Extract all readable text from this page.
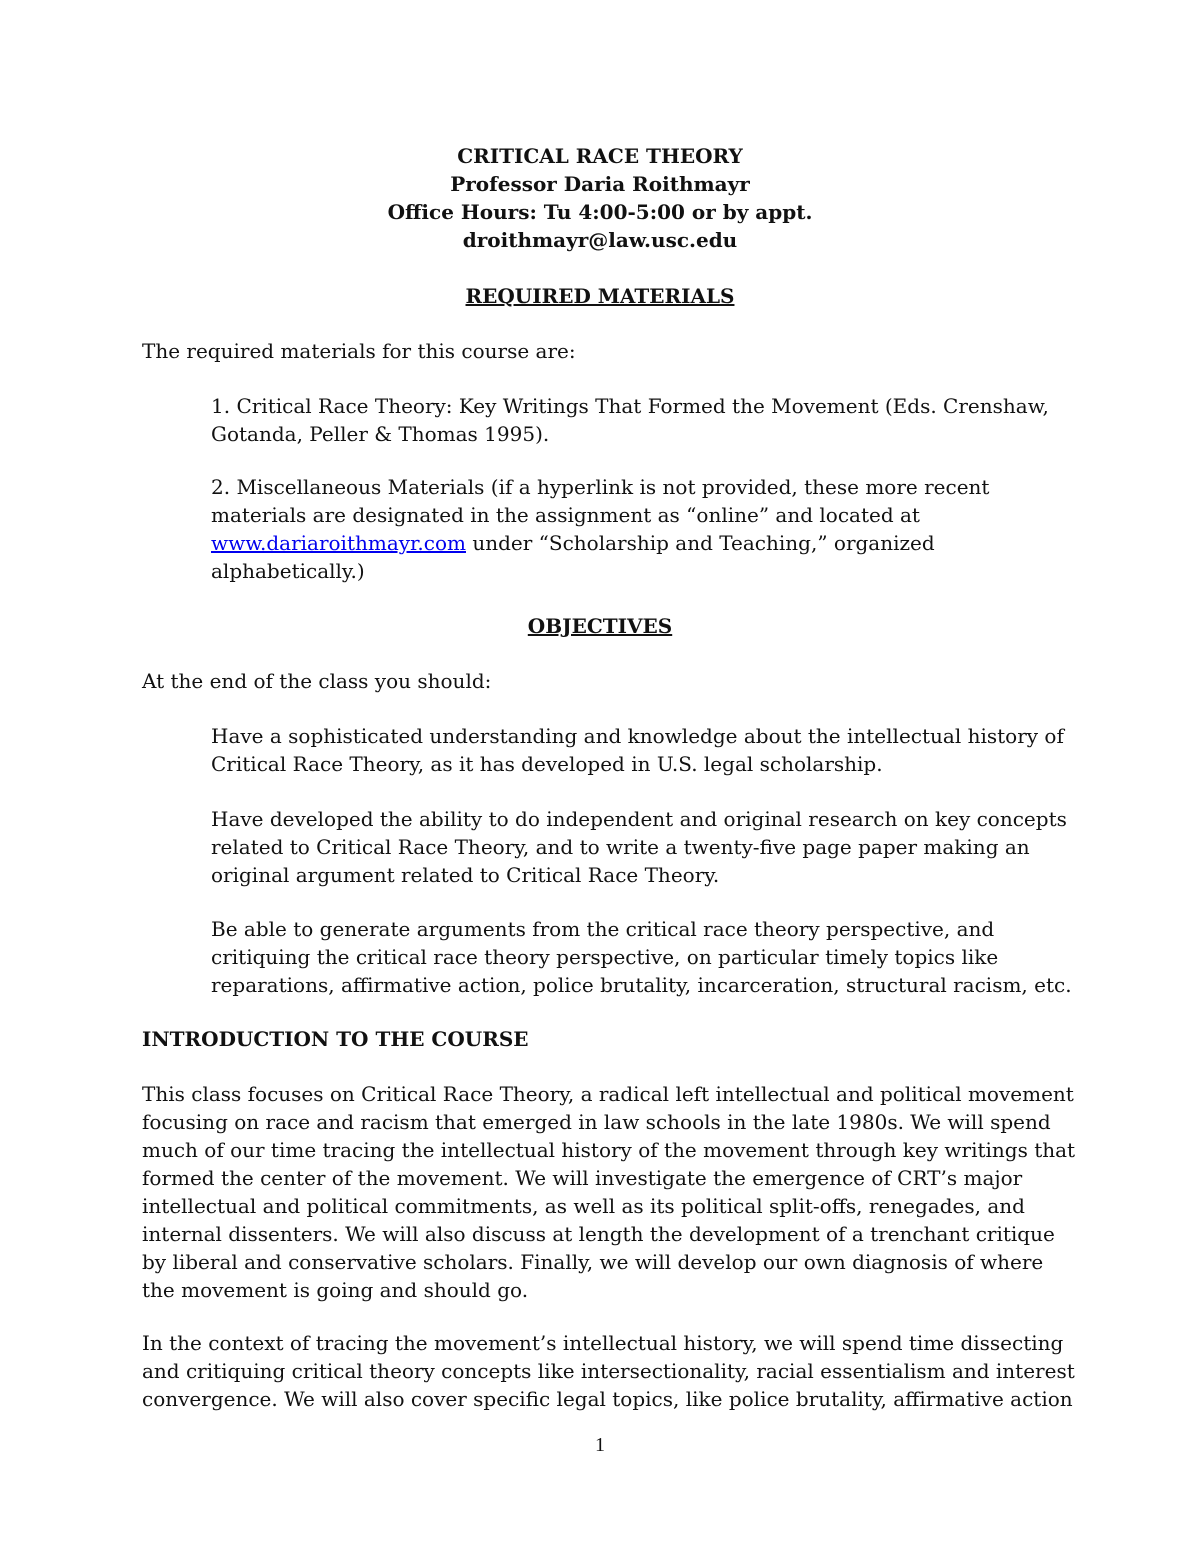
CRITICAL RACE THEORY
Professor Daria Roithmayr
Office Hours: Tu 4:00-5:00 or by appt.
droithmayr@law.usc.edu
REQUIRED MATERIALS

The required materials for this course are:

1. Critical Race Theory: Key Writings That Formed the Movement (Eds. Crenshaw, Gotanda, Peller & Thomas 1995).

2. Miscellaneous Materials (if a hyperlink is not provided, these more recent materials are designated in the assignment as “online” and located at www.dariaroithmayr.com under “Scholarship and Teaching,” organized alphabetically.)

OBJECTIVES

At the end of the class you should:

Have a sophisticated understanding and knowledge about the intellectual history of Critical Race Theory, as it has developed in U.S. legal scholarship.

Have developed the ability to do independent and original research on key concepts related to Critical Race Theory, and to write a twenty-five page paper making an original argument related to Critical Race Theory.

Be able to generate arguments from the critical race theory perspective, and critiquing the critical race theory perspective, on particular timely topics like reparations, affirmative action, police brutality, incarceration, structural racism, etc.

INTRODUCTION TO THE COURSE

This class focuses on Critical Race Theory, a radical left intellectual and political movement focusing on race and racism that emerged in law schools in the late 1980s. We will spend much of our time tracing the intellectual history of the movement through key writings that formed the center of the movement. We will investigate the emergence of CRT’s major intellectual and political commitments, as well as its political split-offs, renegades, and internal dissenters. We will also discuss at length the development of a trenchant critique by liberal and conservative scholars. Finally, we will develop our own diagnosis of where the movement is going and should go.

In the context of tracing the movement’s intellectual history, we will spend time dissecting and critiquing critical theory concepts like intersectionality, racial essentialism and interest convergence. We will also cover specific legal topics, like police brutality, affirmative action

1
